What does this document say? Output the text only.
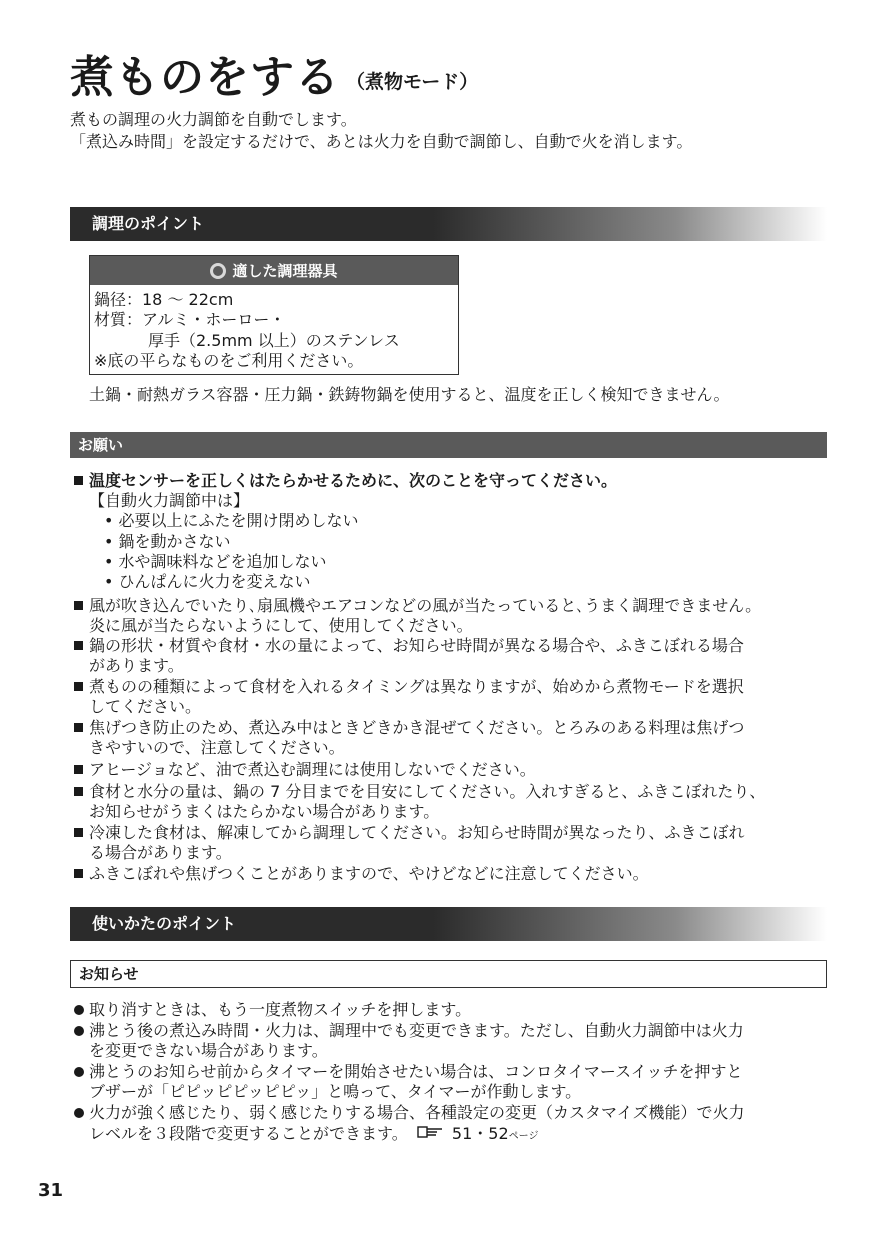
煮ものをする （煮物モード）
煮もの調理の火力調節を自動でします。
「煮込み時間」を設定するだけで、あとは火力を自動で調節し、自動で火を消します。
調理のポイント
適した調理器具
鍋径：18 ～ 22cm
材質：アルミ・ホーロー・
厚手（2.5mm 以上）のステンレス
※底の平らなものをご利用ください。
土鍋・耐熱ガラス容器・圧力鍋・鉄鋳物鍋を使用すると、温度を正しく検知できません。
お願い
温度センサーを正しくはたらかせるために、次のことを守ってください。
【自動火力調節中は】
• 必要以上にふたを開け閉めしない
• 鍋を動かさない
• 水や調味料などを追加しない
• ひんぱんに火力を変えない
風が吹き込んでいたり､扇風機やエアコンなどの風が当たっていると､うまく調理できません。
炎に風が当たらないようにして、使用してください。
鍋の形状・材質や食材・水の量によって、お知らせ時間が異なる場合や、ふきこぼれる場合
があります。
煮ものの種類によって食材を入れるタイミングは異なりますが、始めから煮物モードを選択
してください。
焦げつき防止のため、煮込み中はときどきかき混ぜてください。とろみのある料理は焦げつ
きやすいので、注意してください。
アヒージョなど、油で煮込む調理には使用しないでください。
食材と水分の量は、鍋の 7 分目までを目安にしてください。入れすぎると、ふきこぼれたり、
お知らせがうまくはたらかない場合があります。
冷凍した食材は、解凍してから調理してください。お知らせ時間が異なったり、ふきこぼれ
る場合があります。
ふきこぼれや焦げつくことがありますので、やけどなどに注意してください。
使いかたのポイント
お知らせ
取り消すときは、もう一度煮物スイッチを押します。
沸とう後の煮込み時間・火力は、調理中でも変更できます。ただし、自動火力調節中は火力
を変更できない場合があります。
沸とうのお知らせ前からタイマーを開始させたい場合は、コンロタイマースイッチを押すと
ブザーが「ピピッピピッピピッ」と鳴って、タイマーが作動します。
火力が強く感じたり、弱く感じたりする場合、各種設定の変更（カスタマイズ機能）で火力
レベルを３段階で変更することができます。	51・52ページ
31
